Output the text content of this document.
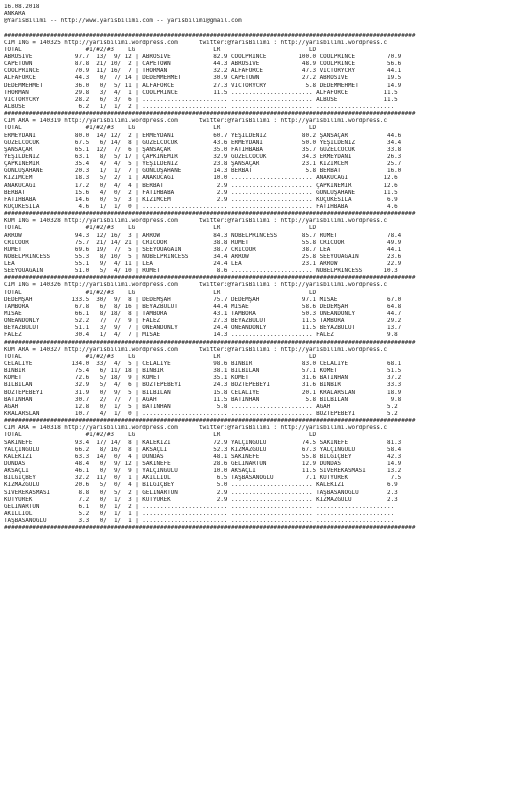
16.08.2018
ANKARA
@YarisBilimi -- http://www.yarisbilimi.com -- yarisbilimi@gmail.com
####################################################################################################################
CIM ING = 140325 http://yarisbilimi.wordpress.com      twitter:@YarisBilimi : http://yarisbilimi.wordpress.c
TOTAL                  #1/#2/#3    LG                      LR                         LD
ABROSIVE            97.7  13/  9/ 12 | ABROSIVE            82.9 COOLPRINCE         100.0 COOLPRINCE         70.9
CAPETOWN            87.8  21/ 10/  2 | CAPETOWN            44.3 ABROSIVE            48.9 COOLPRINCE         56.6
COOLPRINCE          70.9  11/ 16/  7 | THORMAN             32.2 ALFAFORCE           47.3 VICTORYCRY         44.1
ALFAFORCE           44.3   0/  7/ 14 | DEDEMMEHMET         30.9 CAPETOWN            27.2 ABROSIVE           19.5
DEDEMMEHMET         36.0   0/  5/ 11 | ALFAFORCE           27.3 VICTORYCRY           5.8 DEDEMMEHMET        14.9
THORMAN             29.8   3/  4/  1 | COOLPRINCE          11.5 ....................... ALFAFORCE          11.5
VICTORYCRY          28.2   6/  3/  6 | ........................ ....................... ALBUSE             11.5
ALBUSE               6.2   1/  1/  2 | ........................ ....................... ......................
####################################################################################################################
CIM ARA = 140319 http://yarisbilimi.wordpress.com      twitter:@YarisBilimi : http://yarisbilimi.wordpress.c
TOTAL                  #1/#2/#3    LG                      LR                         LD
ERMEYDANI           80.0  14/ 12/  2 | ERMEYDANI           60.7 YEŞİLDENİZ          80.2 ŞANSAÇAR           44.6
GÜZELCOCUK          67.5   6/ 14/  8 | GÜZELCOCUK          43.6 ERMEYDANI           50.0 YEŞİLDENİZ         34.4
ŞANSAÇAR            65.1  12/  7/  6 | ŞANSAÇAR            35.0 FATİHBABA           35.7 GÜZELCOCUK         33.8
YEŞİLDENİZ          63.1   8/  5/ 17 | ÇAPKINEMİR          32.9 GÜZELCOCUK          34.3 ERMEYDANI          26.3
ÇAPKINEMİR          35.4   4/  4/  5 | YEŞİLDENİZ          23.8 ŞANSAÇAR            23.1 KIZIMCEM           25.7
GÖNLÜŞAHANE         20.3   1/  1/  7 | GÖNLÜŞAHANE         14.3 BERBAT               5.8 BERBAT             16.0
KIZIMCEM            18.3   5/  2/  1 | ANAKUCAĞI           10.0 ....................... ANAKUCAĞI          12.6
ANAKUCAĞI           17.2   0/  4/  4 | BERBAT               2.9 ....................... ÇAPKINEMİR         12.6
BERBAT              15.6   4/  0/  2 | FATİHBABA            2.9 ....................... GÖNLÜŞAHANE        11.5
FATİHBABA           14.6   0/  5/  3 | KIZIMCEM             2.9 ....................... KÜÇÜKESİLA          6.9
KÜÇÜKESİLA           4.6   1/  1/  0 | ........................ ....................... FATİHBABA           4.6
####################################################################################################################
KUM ING = 140328 http://yarisbilimi.wordpress.com      twitter:@YarisBilimi : http://yarisbilimi.wordpress.c
TOTAL                  #1/#2/#3    LG                      LR                         LD
ARROW               94.3  12/ 16/  3 | ARROW               84.3 NOBELPRINCESS       85.7 RUMET              78.4
CRICOOR             75.7  21/ 14/ 21 | CRICOOR             38.8 RUMET               55.8 CRICOOR            49.9
RUMET               69.6  19/  7/  5 | SEEYOUAGAIN         38.7 CRICOOR             38.7 LEA                44.1
NOBELPRINCESS       55.3   8/ 10/  5 | NOBELPRINCESS       34.4 ARROW               25.8 SEEYOUAGAIN        23.6
LEA                 55.1   9/  4/ 11 | LEA                 24.4 LEA                 23.1 ARROW              22.9
SEEYOUAGAIN         51.0   5/  4/ 10 | RUMET                8.6 ....................... NOBELPRINCESS      10.3
####################################################################################################################
CIM ING = 140326 http://yarisbilimi.wordpress.com      twitter:@YarisBilimi : http://yarisbilimi.wordpress.c
TOTAL                  #1/#2/#3    LG                      LR                         LD
DEDEMŞAH           133.5  30/  9/  8 | DEDEMŞAH            75.7 DEDEMŞAH            97.1 MISAE              67.0
TAMBORA             67.8   6/  8/ 16 | BEYAZBULUT          44.4 MISAE               58.6 DEDEMŞAH           64.8
MISAE               66.1   8/ 18/  8 | TAMBORA             43.1 TAMBORA             50.3 ONEANDONLY         44.7
ONEANDONLY          52.2   7/  7/  9 | FALEZ               27.3 BEYAZBULUT          11.5 TAMBORA            29.2
BEYAZBULUT          51.1   3/  9/  7 | ONEANDONLY          24.4 ONEANDONLY          11.5 BEYAZBULUT         13.7
FALEZ               30.4   1/  4/  7 | MISAE               14.3 ....................... FALEZ               9.8
####################################################################################################################
KUM ARA = 140327 http://yarisbilimi.wordpress.com      twitter:@YarisBilimi : http://yarisbilimi.wordpress.c
TOTAL                  #1/#2/#3    LG                      LR                         LD
CELALİYE           134.0  33/  4/  5 | CELALİYE            98.6 BİNBİR              83.0 CELALİYE           68.1
BİNBİR              75.4   6/ 11/ 18 | BİNBİR              38.1 BİLBİLAN            57.1 KOMET              51.5
KOMET               72.6   5/ 18/  9 | KOMET               35.1 KOMET               31.6 BATINHAN           37.2
BİLBİLAN            32.9   5/  4/  6 | BOZTEPEBEYİ         24.3 BOZTEPEBEYİ         31.6 BİNBİR             33.3
BOZTEPEBEYİ         31.9   0/  9/  5 | BİLBİLAN            15.8 CELALİYE            20.1 KRALARSLAN         18.9
BATINHAN            30.7   2/  7/  7 | AGAH                11.5 BATINHAN             5.8 BİLBİLAN            9.8
AGAH                12.8   0/  1/  5 | BATINHAN             5.8 ....................... AGAH                5.2
KRALARSLAN          10.7   4/  1/  0 | ........................ ....................... BOZTEPEBEYİ         5.2
####################################################################################################################
CIM ARA = 140318 http://yarisbilimi.wordpress.com      twitter:@YarisBilimi : http://yarisbilimi.wordpress.c
TOTAL                  #1/#2/#3    LG                      LR                         LD
SAKİNEFE            93.4  17/ 14/  8 | KALEKIZI            72.9 YALÇINGÜLÜ          74.5 SAKİNEFE           81.3
YALÇINGÜLÜ          66.2   8/ 16/  8 | AKSAÇLI             52.3 KIZMAZGÜLÜ          67.3 YALÇINGÜLÜ         58.4
KALEKIZI            63.3  14/  0/  4 | DUNDAS              48.1 SAKİNEFE            55.8 BİLGİÇBEY          42.3
DUNDAS              48.4   0/  9/ 12 | SAKİNEFE            28.6 GELİNARTUN          12.9 DUNDAS             14.9
AKSAÇLI             46.1   0/  9/  9 | YALÇINGÜLÜ          10.0 AKSAÇLI             11.5 SİVEREKASMASI      13.2
BİLGİÇBEY           32.2  11/  0/  1 | AKILLIOL             6.5 TAŞBASANOĞLU         7.1 KUTYÜREK            7.5
KIZMAZGÜLÜ          20.6   5/  0/  4 | BİLGİÇBEY            5.0 ....................... KALEKIZI            6.9
SİVEREKASMASI        8.8   0/  5/  2 | GELİNARTUN           2.9 ....................... TAŞBASANOĞLU        2.3
KUTYÜREK             7.2   0/  1/  3 | KUTYÜREK             2.9 ....................... KIZMAZGÜLÜ          2.3
GELİNARTUN           6.1   0/  1/  2 | ........................ ....................... ......................
AKILLIOL             5.2   0/  1/  1 | ........................ ....................... ......................
TAŞBASANOĞLU         3.3   0/  1/  1 | ........................ ....................... ......................
####################################################################################################################
